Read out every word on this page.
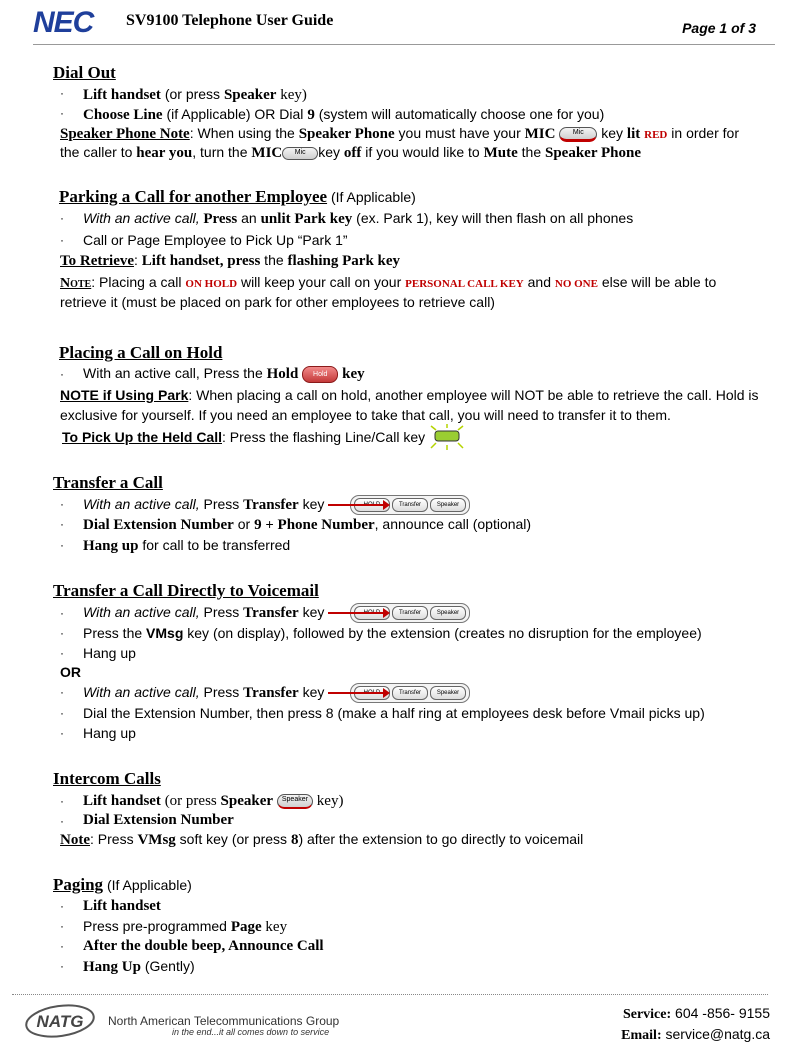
NEC SV9100 Telephone User Guide	Page 1 of 3
Dial Out
· Lift handset (or press Speaker key)
· Choose Line (if Applicable) OR Dial 9 (system will automatically choose one for you)
Speaker Phone Note: When using the Speaker Phone you must have your MIC Mic key lit RED in order for
the caller to hear you, turn the MIC Mic key off if you would like to Mute the Speaker Phone
Parking a Call for another Employee (If Applicable)
· With an active call, Press an unlit Park key (ex. Park 1), key will then flash on all phones
· Call or Page Employee to Pick Up “Park 1”
To Retrieve: Lift handset, press the flashing Park key
Note: Placing a call ON HOLD will keep your call on your PERSONAL CALL KEY and NO ONE else will be able to
retrieve it (must be placed on park for other employees to retrieve call)
Placing a Call on Hold
· With an active call, Press the Hold Hold key
NOTE if Using Park: When placing a call on hold, another employee will NOT be able to retrieve the call. Hold is
exclusive for yourself. If you need an employee to take that call, you will need to transfer it to them.
To Pick Up the Held Call: Press the flashing Line/Call key
Transfer a Call
· With an active call, Press Transfer key	Transfer	Speaker
· Dial Extension Number or 9 + Phone Number, announce call (optional)
· Hang up for call to be transferred
Transfer a Call Directly to Voicemail
· With an active call, Press Transfer key	Transfer	Speaker
· Press the VMsg key (on display), followed by the extension (creates no disruption for the employee)
· Hang up
OR
· With an active call, Press Transfer key	Transfer	Speaker
· Dial the Extension Number, then press 8 (make a half ring at employees desk before Vmail picks up)
· Hang up
Intercom Calls
· Lift handset (or press Speaker Speaker key)
· Dial Extension Number
Note: Press VMsg soft key (or press 8) after the extension to go directly to voicemail
Paging (If Applicable)
· Lift handset
· Press pre-programmed Page key
· After the double beep, Announce Call
· Hang Up (Gently)
NATG North American Telecommunications Group
in the end...it all comes down to service
Service: 604 -856- 9155
Email: service@natg.ca
